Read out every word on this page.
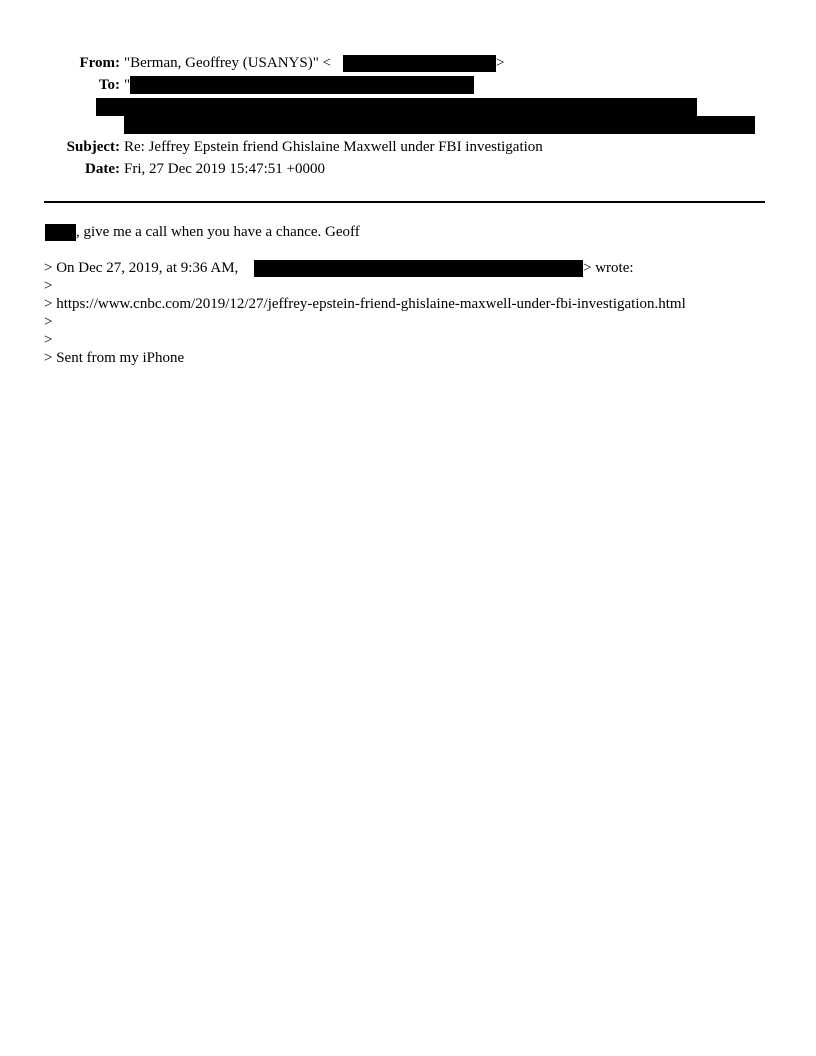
From: "Berman, Geoffrey (USANYS)" <	>
To: "
Subject: Re: Jeffrey Epstein friend Ghislaine Maxwell under FBI investigation
Date: Fri, 27 Dec 2019 15:47:51 +0000
, give me a call when you have a chance. Geoff
> On Dec 27, 2019, at 9:36 AM,	> wrote:
>
> https://www.cnbc.com/2019/12/27/jeffrey-epstein-friend-ghislaine-maxwell-under-fbi-investigation.html
>
>
> Sent from my iPhone
